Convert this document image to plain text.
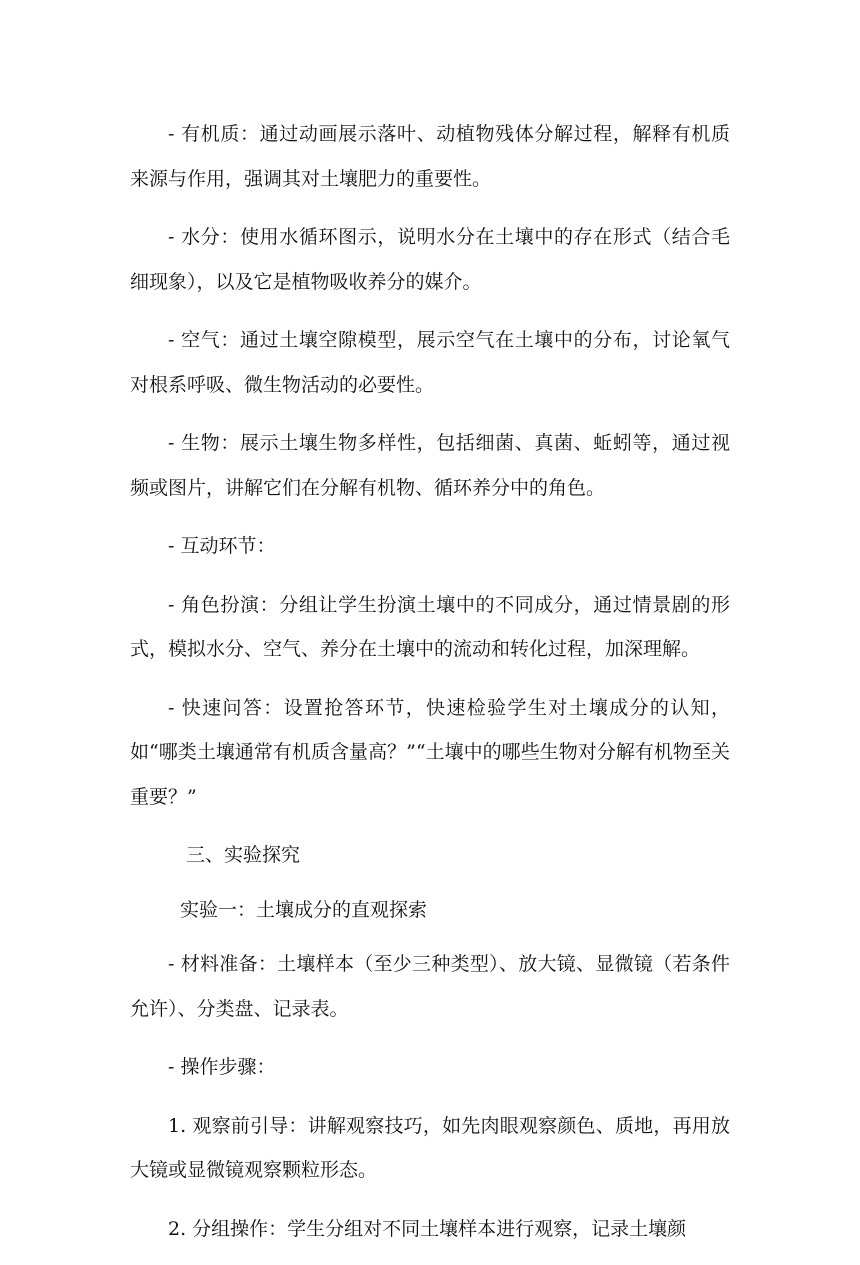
- 有机质：通过动画展示落叶、动植物残体分解过程，解释有机质来源与作用，强调其对土壤肥力的重要性。

- 水分：使用水循环图示，说明水分在土壤中的存在形式（结合毛细现象），以及它是植物吸收养分的媒介。

- 空气：通过土壤空隙模型，展示空气在土壤中的分布，讨论氧气对根系呼吸、微生物活动的必要性。

- 生物：展示土壤生物多样性，包括细菌、真菌、蚯蚓等，通过视频或图片，讲解它们在分解有机物、循环养分中的角色。

- 互动环节：

- 角色扮演：分组让学生扮演土壤中的不同成分，通过情景剧的形式，模拟水分、空气、养分在土壤中的流动和转化过程，加深理解。

- 快速问答：设置抢答环节，快速检验学生对土壤成分的认知，如“哪类土壤通常有机质含量高？”“土壤中的哪些生物对分解有机物至关重要？”

三、实验探究

实验一：土壤成分的直观探索

- 材料准备：土壤样本（至少三种类型）、放大镜、显微镜（若条件允许）、分类盘、记录表。

- 操作步骤：

1. 观察前引导：讲解观察技巧，如先肉眼观察颜色、质地，再用放大镜或显微镜观察颗粒形态。

2. 分组操作：学生分组对不同土壤样本进行观察，记录土壤颜
